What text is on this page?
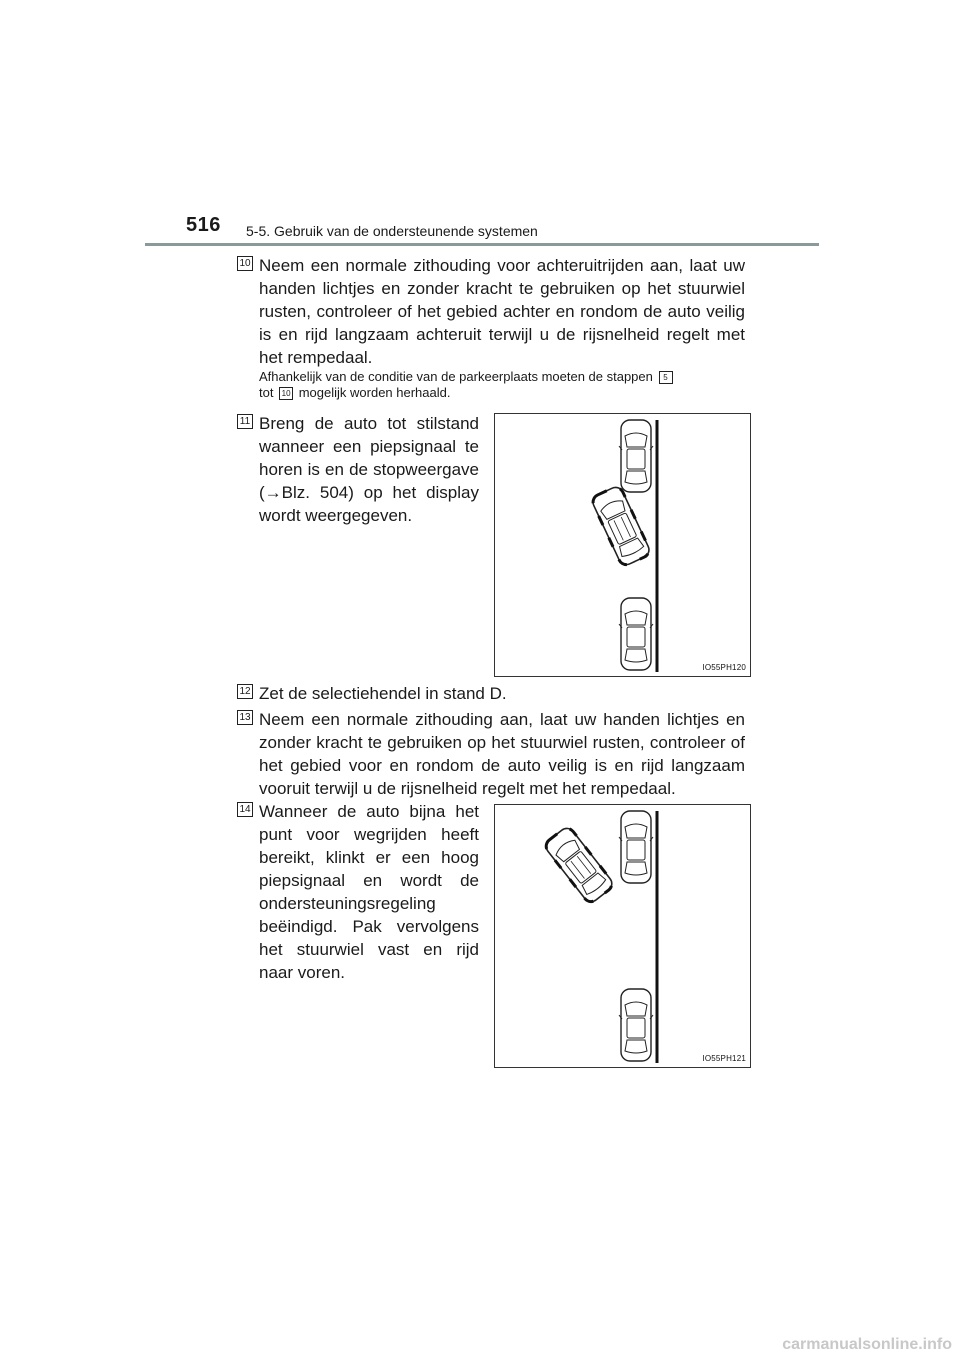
516 5-5. Gebruik van de ondersteunende systemen
10 Neem een normale zithouding voor achteruitrijden aan, laat uw handen lichtjes en zonder kracht te gebruiken op het stuurwiel rusten, controleer of het gebied achter en rondom de auto veilig is en rijd langzaam achteruit terwijl u de rijsnelheid regelt met het rempedaal.
Afhankelijk van de conditie van de parkeerplaats moeten de stappen 5
tot 10 mogelijk worden herhaald.
11 Breng de auto tot stilstand wanneer een piepsignaal te horen is en de stopweergave (→Blz. 504) op het display wordt weergegeven.
IO55PH120
12 Zet de selectiehendel in stand D.
13 Neem een normale zithouding aan, laat uw handen lichtjes en zonder kracht te gebruiken op het stuurwiel rusten, controleer of het gebied voor en rondom de auto veilig is en rijd langzaam vooruit terwijl u de rijsnelheid regelt met het rempedaal.
14 Wanneer de auto bijna het punt voor wegrijden heeft bereikt, klinkt er een hoog piepsignaal en wordt de ondersteuningsregeling beëindigd. Pak vervolgens het stuurwiel vast en rijd naar voren.
IO55PH121
carmanualsonline.info
